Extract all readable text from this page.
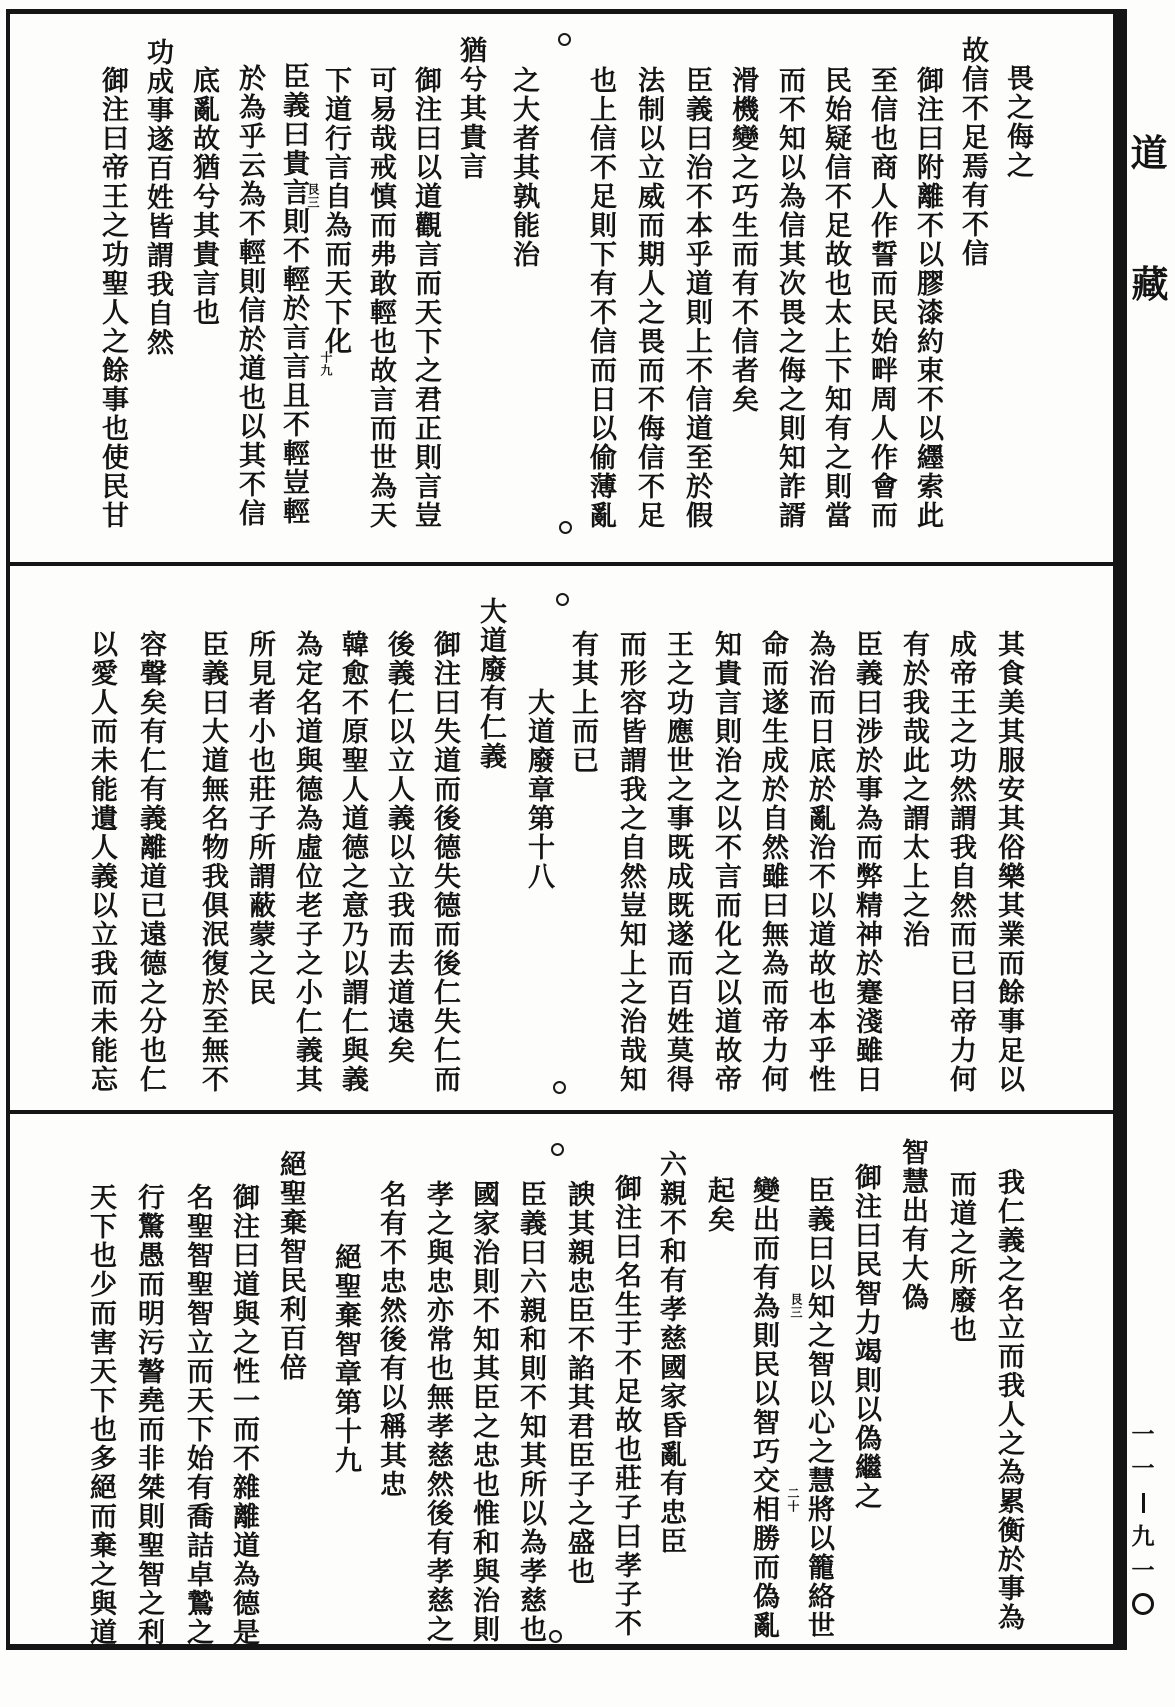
畏之侮之
故信不足焉有不信
御注曰附離不以膠漆約束不以纆索此
至信也商人作誓而民始畔周人作會而
民始疑信不足故也太上下知有之則當
而不知以為信其次畏之侮之則知詐諝
滑機變之巧生而有不信者矣
臣義曰治不本乎道則上不信道至於假
法制以立威而期人之畏而不侮信不足
也上信不足則下有不信而日以偷薄亂
之大者其孰能治
猶兮其貴言
御注曰以道觀言而天下之君正則言豈
可易哉戒慎而弗敢輕也故言而世為天
下道行言自為而天下化
臣義曰貴言則不輕於言言且不輕豈輕
於為乎云為不輕則信於道也以其不信
底亂故猶兮其貴言也
功成事遂百姓皆謂我自然
御注曰帝王之功聖人之餘事也使民甘	艮三
十九
其食美其服安其俗樂其業而餘事足以
成帝王之功然謂我自然而已曰帝力何
有於我哉此之謂太上之治
臣義曰涉於事為而弊精神於蹇淺雖日
為治而日底於亂治不以道故也本乎性
命而遂生成於自然雖曰無為而帝力何
知貴言則治之以不言而化之以道故帝
王之功應世之事既成既遂而百姓莫得
而形容皆謂我之自然豈知上之治哉知
有其上而已
大道廢章第十八
大道廢有仁義
御注曰失道而後德失德而後仁失仁而
後義仁以立人義以立我而去道遠矣
韓愈不原聖人道德之意乃以謂仁與義
為定名道與德為虛位老子之小仁義其
所見者小也莊子所謂蔽蒙之民
臣義曰大道無名物我俱泯復於至無不
容聲矣有仁有義離道已遠德之分也仁
以愛人而未能遺人義以立我而未能忘
我仁義之名立而我人之為累衡於事為
而道之所廢也
智慧出有大偽
御注曰民智力竭則以偽繼之
臣義曰以知之智以心之慧將以籠絡世
變出而有為則民以智巧交相勝而偽亂
起矣
六親不和有孝慈國家昏亂有忠臣
御注曰名生于不足故也莊子曰孝子不
諛其親忠臣不諂其君臣子之盛也
臣義曰六親和則不知其所以為孝慈也
國家治則不知其臣之忠也惟和與治則
孝之與忠亦常也無孝慈然後有孝慈之
名有不忠然後有以稱其忠
絕聖棄智章第十九
絕聖棄智民利百倍
御注曰道與之性一而不雜離道為德是
名聖智聖智立而天下始有喬詰卓鷙之
行驚愚而明污謷堯而非桀則聖智之利
天下也少而害天下也多絕而棄之與道	艮三
二十
道
藏
一
一
九
一
